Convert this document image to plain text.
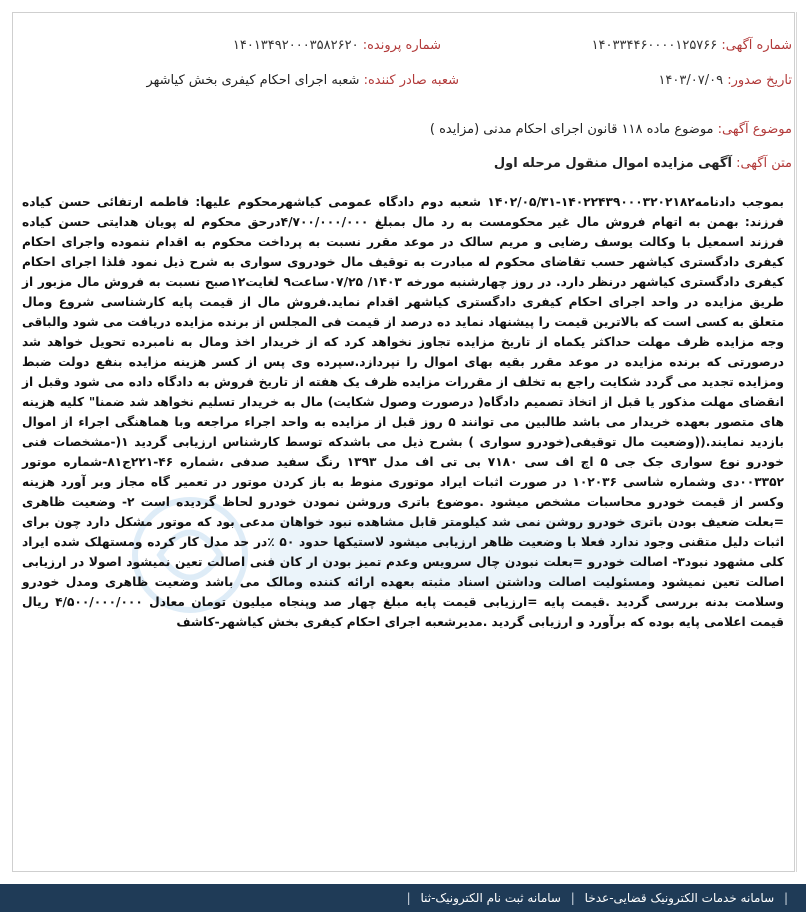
شماره آگهی: ۱۴۰۳۳۴۴۶۰۰۰۰۱۲۵۷۶۶
شماره پرونده: ۱۴۰۱۳۴۹۲۰۰۰۳۵۸۲۶۲۰
تاریخ صدور: ۱۴۰۳/۰۷/۰۹
شعبه صادر کننده: شعبه اجرای احکام کیفری بخش کیاشهر
موضوع آگهی: موضوع ماده ۱۱۸ قانون اجرای احکام مدنی (مزایده )
متن آگهی: آگهی مزایده اموال منقول مرحله اول
بموجب دادنامه۱۴۰۲۲۴۳۹۰۰۰۳۲۰۲۱۸۲-۱۴۰۲/۰۵/۳۱ شعبه دوم دادگاه عمومی کیاشهرمحکوم علیها: فاطمه ارتفائی حسن کیاده فرزند: بهمن به اتهام فروش مال غیر محکومست به رد مال بمبلغ ۴/۷۰۰/۰۰۰/۰۰۰درحق محکوم له پویان هدایتی حسن کیاده فرزند اسمعیل با وکالت یوسف رضایی و مریم سالک در موعد مقرر نسبت به پرداخت محکوم به اقدام ننموده واجرای احکام کیفری دادگستری کیاشهر حسب تقاضای محکوم له مبادرت به توقیف مال خودروی سواری به شرح ذیل نمود فلذا اجرای احکام کیفری دادگستری کیاشهر درنظر دارد. در روز چهارشنبه مورخه ۱۴۰۳/ ۰۷/۲۵ساعت۹ لغایت۱۲صبح نسبت به فروش مال مزبور از طریق مزایده در واحد اجرای احکام کیفری دادگستری کیاشهر اقدام نماید.فروش مال از قیمت پایه کارشناسی شروع ومال متعلق به کسی است که بالاترین قیمت را پیشنهاد نماید ده درصد از قیمت فی المجلس از برنده مزایده دریافت می شود والباقی وجه مزایده ظرف مهلت حداکثر یکماه از تاریخ مزایده تجاوز نخواهد کرد که از خریدار اخذ ومال به نامبرده تحویل خواهد شد درصورتی که برنده مزایده در موعد مقرر بقیه بهای اموال را نپردازد.سپرده وی پس از کسر هزینه مزایده بنفع دولت ضبط ومزایده تجدید می گردد شکایت راجع به تخلف از مقررات مزایده ظرف یک هفته از تاریخ فروش به دادگاه داده می شود وقبل از انقضای مهلت مذکور یا قبل از اتخاذ تصمیم دادگاه( درصورت وصول شکایت) مال به خریدار تسلیم نخواهد شد ضمنا" کلیه هزینه های متصور بعهده خریدار می باشد طالبین می توانند ۵ روز قبل از مزایده به واحد اجراء مراجعه وبا هماهنگی اجراء از اموال بازدید نمایند.((وضعیت مال توقیفی(خودرو سواری ) بشرح ذیل می باشدکه توسط کارشناس ارزیابی گردید ۱(-مشخصات فنی خودرو نوع سواری جک جی ۵ اچ اف سی ۷۱۸۰ بی تی اف مدل ۱۳۹۳ رنگ سفید صدفی ،شماره ۴۶-۲۲۱ج۸۱-شماره موتور ۰۰۳۳۵۲دی وشماره شاسی ۱۰۲۰۳۶ در صورت اثبات ایراد موتوری منوط به باز کردن موتور در تعمیر گاه مجاز وبر آورد هزینه وکسر از قیمت خودرو محاسبات مشخص میشود .موضوع باتری وروشن نمودن خودرو لحاظ گردیده است ۲- وضعیت ظاهری =بعلت ضعیف بودن باتری خودرو روشن نمی شد کیلومتر قابل مشاهده نبود خواهان مدعی بود که موتور مشکل دارد چون برای اثبات دلیل متقنی وجود ندارد فعلا با وضعیت ظاهر ارزیابی میشود لاستیکها حدود ۵۰ ٪در حد مدل کار کرده ومستهلک شده ایراد کلی مشهود نبود۳- اصالت خودرو =بعلت نبودن چال سرویس وعدم تمیز بودن ار کان فنی اصالت تعین نمیشود اصولا در ارزیابی اصالت تعین نمیشود ومسئولیت اصالت وداشتن اسناد مثبته بعهده ارائه کننده ومالک می باشد وضعیت ظاهری ومدل خودرو وسلامت بدنه بررسی گردید .قیمت پایه =ارزیابی قیمت پایه مبلغ چهار صد وپنجاه میلیون تومان معادل ۴/۵۰۰/۰۰۰/۰۰۰ ریال قیمت اعلامی پایه بوده که برآورد و ارزیابی گردید .مدیرشعبه اجرای احکام کیفری بخش کیاشهر-کاشف
| سامانه خدمات الکترونیک قضایی-عدخا | سامانه ثبت نام الکترونیک-ثنا |
